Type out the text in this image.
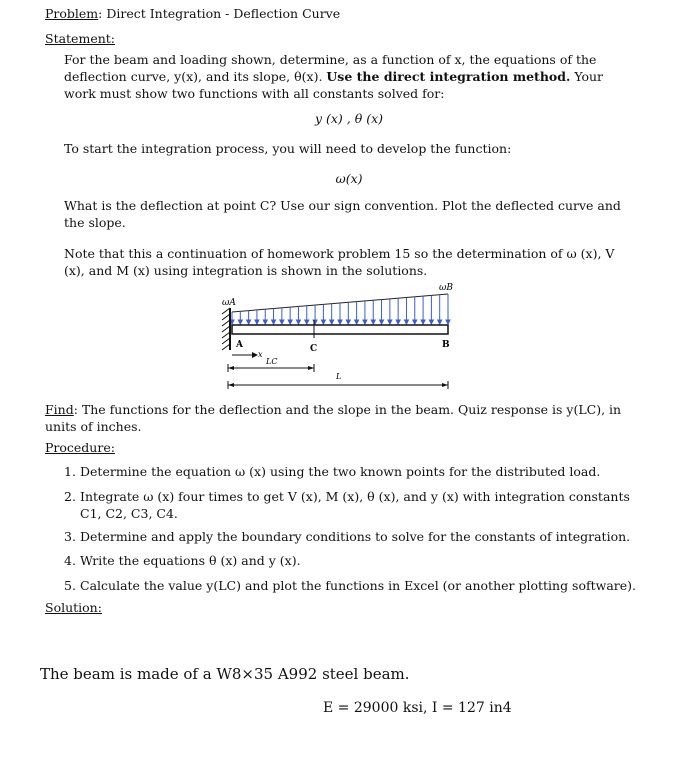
Problem: Direct Integration - Deflection Curve
Statement:
For the beam and loading shown, determine, as a function of x, the equations of the deflection curve, y(x), and its slope, θ(x). Use the direct integration method. Your work must show two functions with all constants solved for:
y (x) , θ (x)
To start the integration process, you will need to develop the function:
ω(x)
What is the deflection at point C? Use our sign convention. Plot the deflected curve and the slope.
Note that this a continuation of homework problem 15 so the determination of ω (x), V (x), and M (x) using integration is shown in the solutions.
ωA
ωB
A	C	B
x
LC
L
Find: The functions for the deflection and the slope in the beam. Quiz response is y(LC), in units of inches.
Procedure:
1. Determine the equation ω (x) using the two known points for the distributed load.
2. Integrate ω (x) four times to get V (x), M (x), θ (x), and y (x) with integration constants C1, C2, C3, C4.
3. Determine and apply the boundary conditions to solve for the constants of integration.
4. Write the equations θ (x) and y (x).
5. Calculate the value y(LC) and plot the functions in Excel (or another plotting software).
Solution:
The beam is made of a W8×35 A992 steel beam.
E = 29000 ksi, I = 127 in4
